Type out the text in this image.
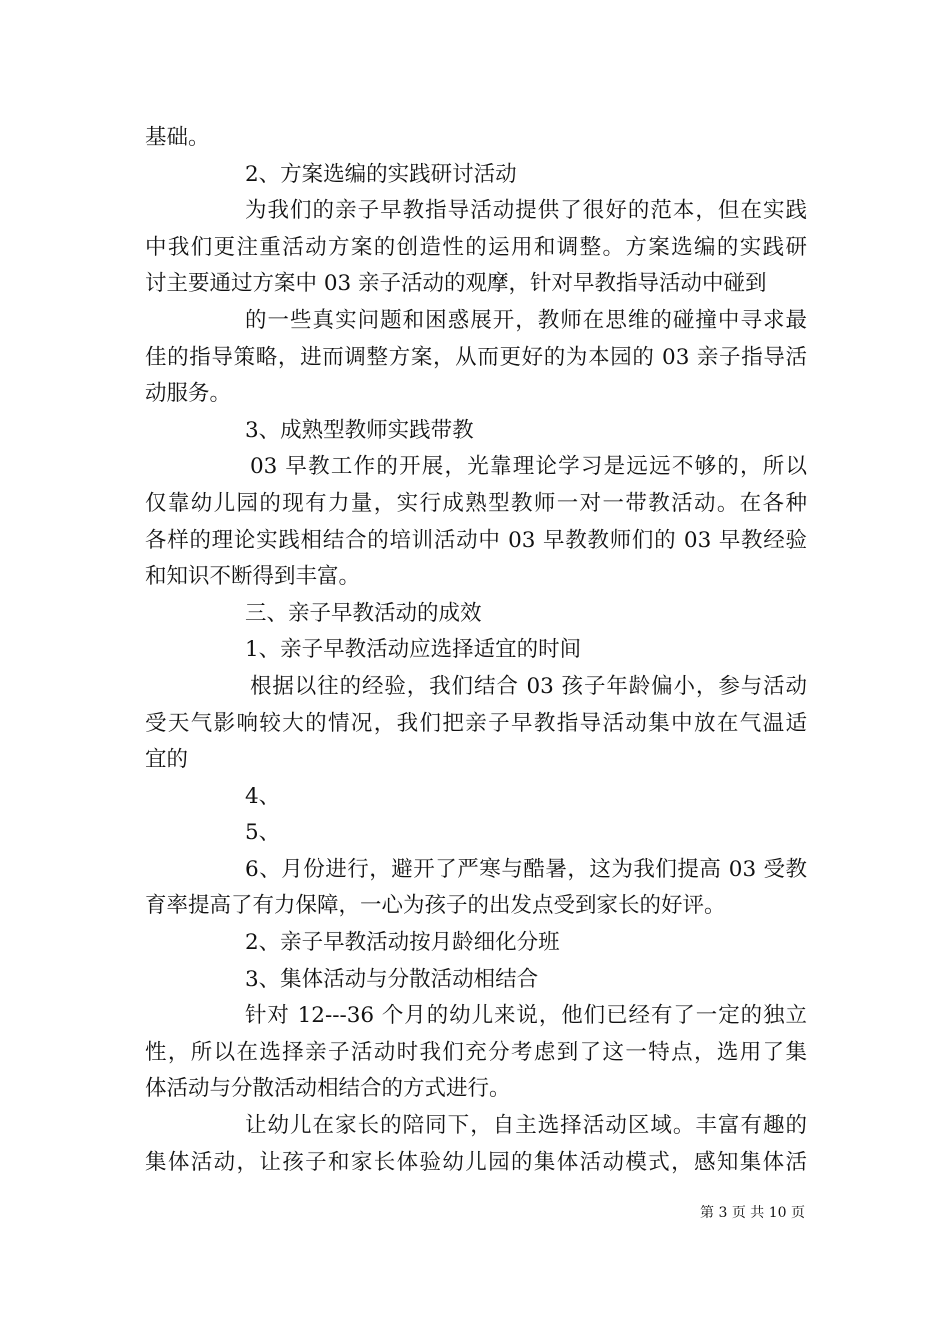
基础。
2、方案选编的实践研讨活动
为我们的亲子早教指导活动提供了很好的范本，但在实践
中我们更注重活动方案的创造性的运用和调整。方案选编的实践研
讨主要通过方案中 03 亲子活动的观摩，针对早教指导活动中碰到
的一些真实问题和困惑展开，教师在思维的碰撞中寻求最
佳的指导策略，进而调整方案，从而更好的为本园的 03 亲子指导活
动服务。
3、成熟型教师实践带教
03 早教工作的开展，光靠理论学习是远远不够的，所以
仅靠幼儿园的现有力量，实行成熟型教师一对一带教活动。在各种
各样的理论实践相结合的培训活动中 03 早教教师们的 03 早教经验
和知识不断得到丰富。
三、亲子早教活动的成效
1、亲子早教活动应选择适宜的时间
根据以往的经验，我们结合 03 孩子年龄偏小，参与活动
受天气影响较大的情况，我们把亲子早教指导活动集中放在气温适
宜的
4、
5、
6、月份进行，避开了严寒与酷暑，这为我们提高 03 受教
育率提高了有力保障，一心为孩子的出发点受到家长的好评。
2、亲子早教活动按月龄细化分班
3、集体活动与分散活动相结合
针对 12---36 个月的幼儿来说，他们已经有了一定的独立
性，所以在选择亲子活动时我们充分考虑到了这一特点，选用了集
体活动与分散活动相结合的方式进行。
让幼儿在家长的陪同下，自主选择活动区域。丰富有趣的
集体活动，让孩子和家长体验幼儿园的集体活动模式，感知集体活
第 3 页 共 10 页
